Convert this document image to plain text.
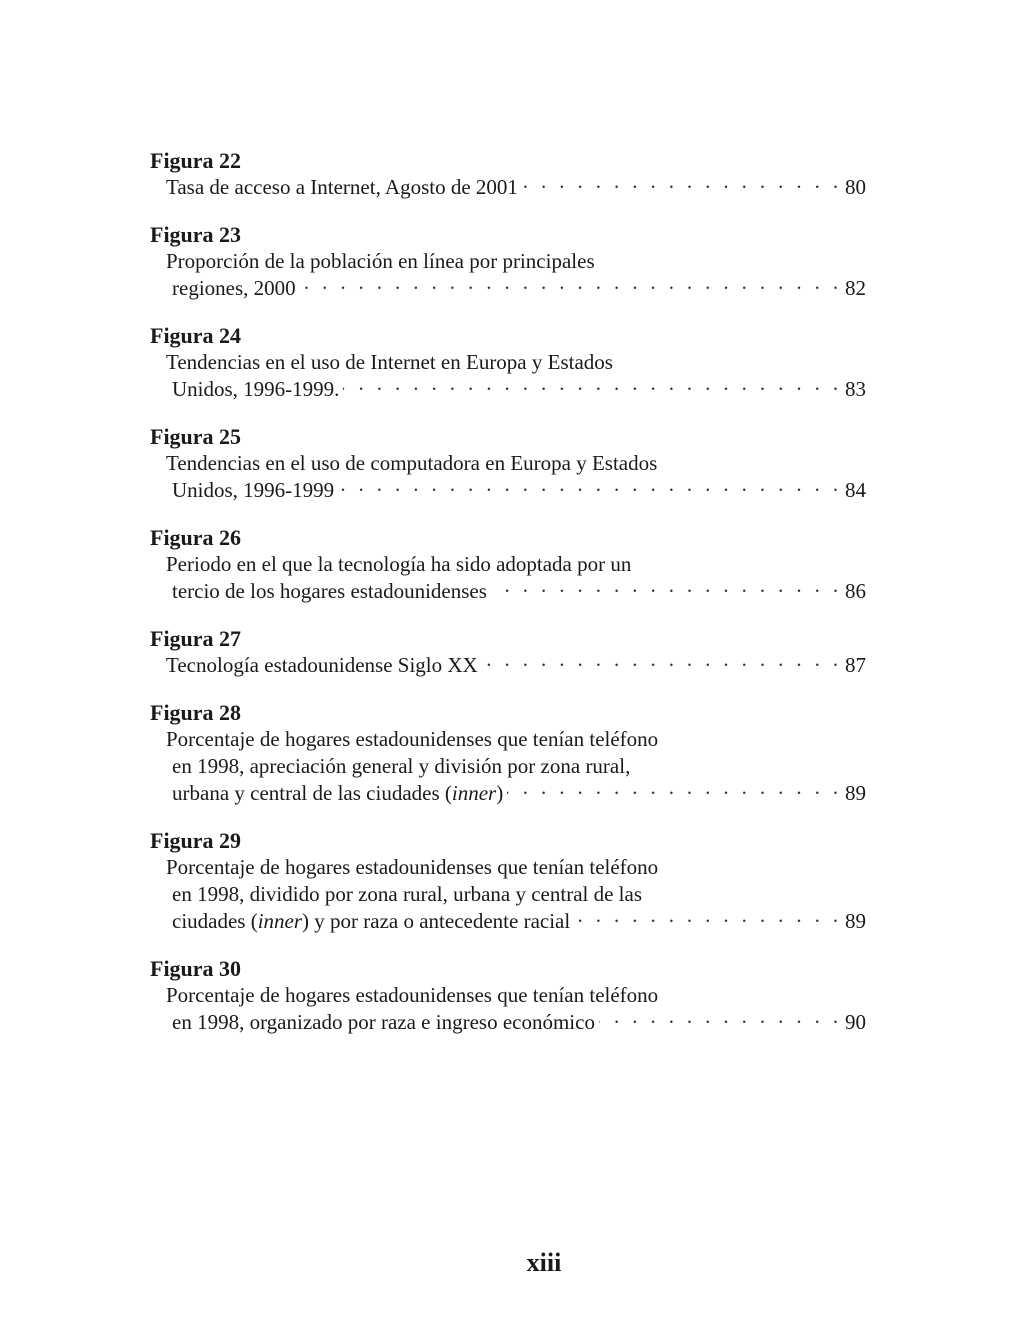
Figura 22
Tasa de acceso a Internet, Agosto de 2001 · · ·	80
Figura 23
Proporción de la población en línea por principales
regiones, 2000 · · ·	82
Figura 24
Tendencias en el uso de Internet en Europa y Estados
Unidos, 1996-1999. · · ·	83
Figura 25
Tendencias en el uso de computadora en Europa y Estados
Unidos, 1996-1999 · · ·	84
Figura 26
Periodo en el que la tecnología ha sido adoptada por un
tercio de los hogares estadounidenses · · ·	86
Figura 27
Tecnología estadounidense Siglo XX · · ·	87
Figura 28
Porcentaje de hogares estadounidenses que tenían teléfono
en 1998, apreciación general y división por zona rural,
urbana y central de las ciudades (inner) · · ·	89
Figura 29
Porcentaje de hogares estadounidenses que tenían teléfono
en 1998, dividido por zona rural, urbana y central de las
ciudades (inner) y por raza o antecedente racial · · ·	89
Figura 30
Porcentaje de hogares estadounidenses que tenían teléfono
en 1998, organizado por raza e ingreso económico · · ·	90
xiii
